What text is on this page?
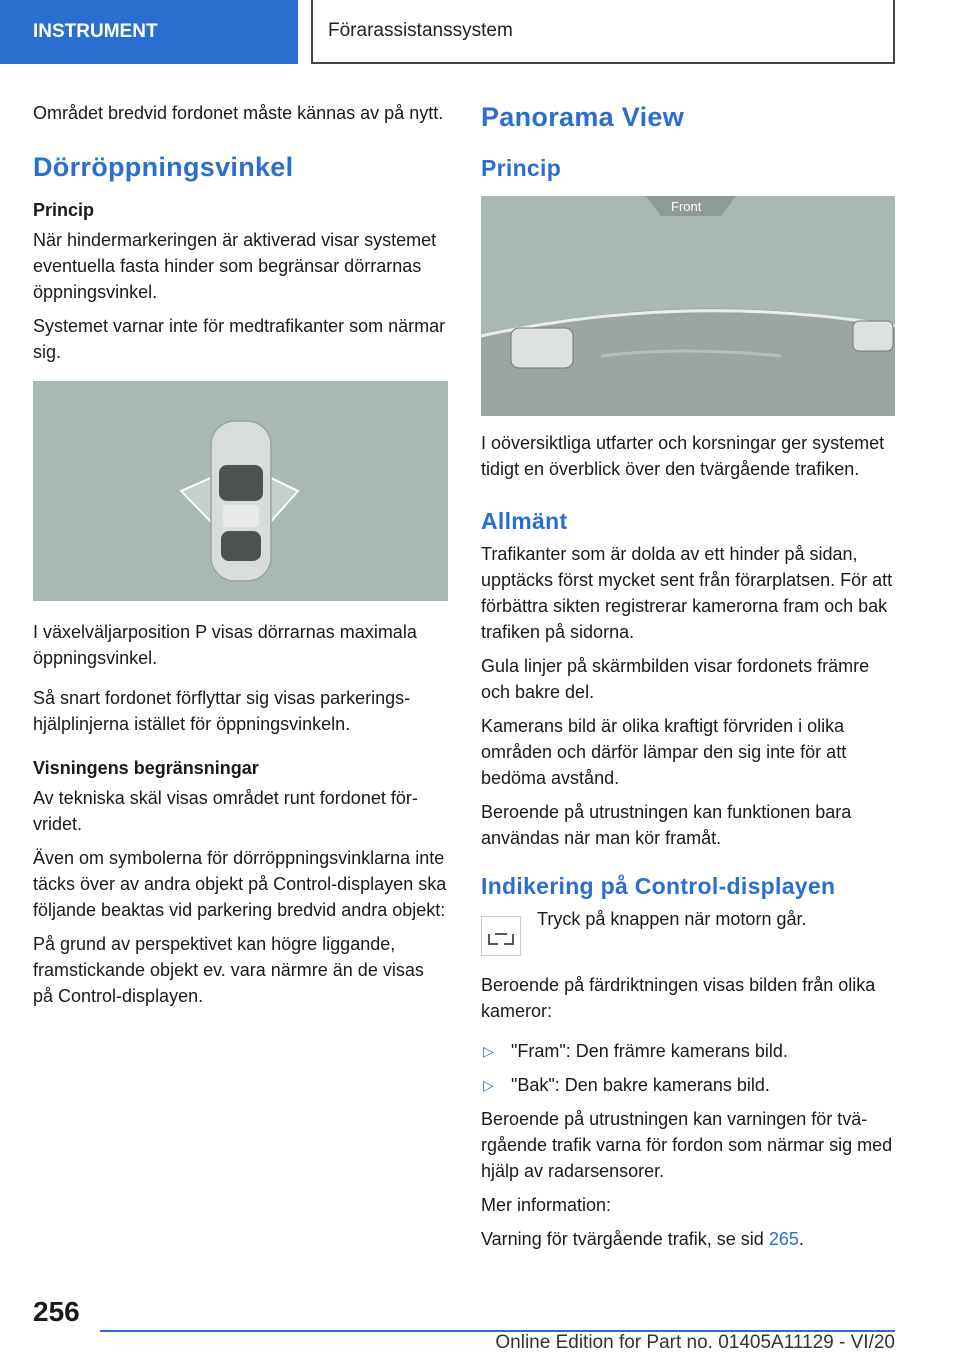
INSTRUMENT	Förarassistanssystem

Området bredvid fordonet måste kännas av på nytt.

Dörröppningsvinkel
Princip

När hindermarkeringen är aktiverad visar systemet eventuella fasta hinder som begränsar dörrarnas öppningsvinkel.

Systemet varnar inte för medtrafikanter som närmar sig.

I växelväljarposition P visas dörrarnas maximala öppningsvinkel.

Så snart fordonet förflyttar sig visas parkeringshjälplinjerna istället för öppningsvinkeln.

Visningens begränsningar

Av tekniska skäl visas området runt fordonet förvridet.

Även om symbolerna för dörröppningsvinklarna inte täcks över av andra objekt på Control-displayen ska följande beaktas vid parkering bredvid andra objekt:

På grund av perspektivet kan högre liggande, framstickande objekt ev. vara närmre än de visas på Control-displayen.

Panorama View
Princip
Front

I oöversiktliga utfarter och korsningar ger systemet tidigt en överblick över den tvärgående trafiken.

Allmänt

Trafikanter som är dolda av ett hinder på sidan, upptäcks först mycket sent från förarplatsen. För att förbättra sikten registrerar kamerorna fram och bak trafiken på sidorna.

Gula linjer på skärmbilden visar fordonets främre och bakre del.

Kamerans bild är olika kraftigt förvriden i olika områden och därför lämpar den sig inte för att bedöma avstånd.

Beroende på utrustningen kan funktionen bara användas när man kör framåt.

Indikering på Control-displayen

Tryck på knappen när motorn går.

Beroende på färdriktningen visas bilden från olika kameror:

▷ "Fram": Den främre kamerans bild.
▷ "Bak": Den bakre kamerans bild.

Beroende på utrustningen kan varningen för tvärgående trafik varna för fordon som närmar sig med hjälp av radarsensorer.

Mer information:

Varning för tvärgående trafik, se sid 265.

256
Online Edition for Part no. 01405A11129 - VI/20
